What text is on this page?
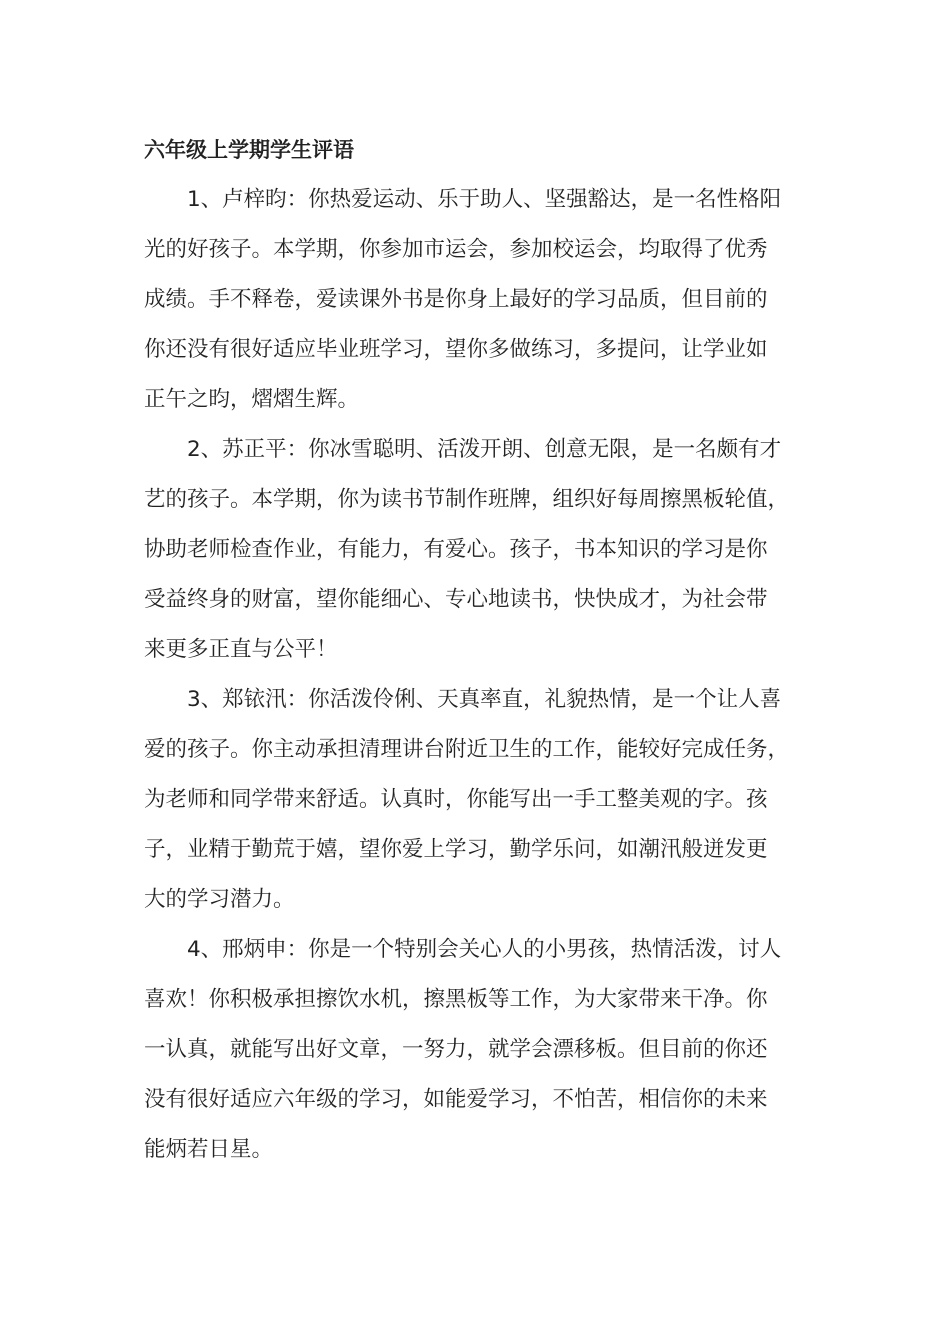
六年级上学期学生评语
1、卢梓昀：你热爱运动、乐于助人、坚强豁达，是一名性格阳
光的好孩子。本学期，你参加市运会，参加校运会，均取得了优秀
成绩。手不释卷，爱读课外书是你身上最好的学习品质，但目前的
你还没有很好适应毕业班学习，望你多做练习，多提问，让学业如
正午之昀，熠熠生辉。
2、苏正平：你冰雪聪明、活泼开朗、创意无限，是一名颇有才
艺的孩子。本学期，你为读书节制作班牌，组织好每周擦黑板轮值，
协助老师检查作业，有能力，有爱心。孩子，书本知识的学习是你
受益终身的财富，望你能细心、专心地读书，快快成才，为社会带
来更多正直与公平！
3、郑铱汛：你活泼伶俐、天真率直，礼貌热情，是一个让人喜
爱的孩子。你主动承担清理讲台附近卫生的工作，能较好完成任务，
为老师和同学带来舒适。认真时，你能写出一手工整美观的字。孩
子，业精于勤荒于嬉，望你爱上学习，勤学乐问，如潮汛般迸发更
大的学习潜力。
4、邢炳申：你是一个特别会关心人的小男孩，热情活泼，讨人
喜欢！你积极承担擦饮水机，擦黑板等工作，为大家带来干净。你
一认真，就能写出好文章，一努力，就学会漂移板。但目前的你还
没有很好适应六年级的学习，如能爱学习，不怕苦，相信你的未来
能炳若日星。
